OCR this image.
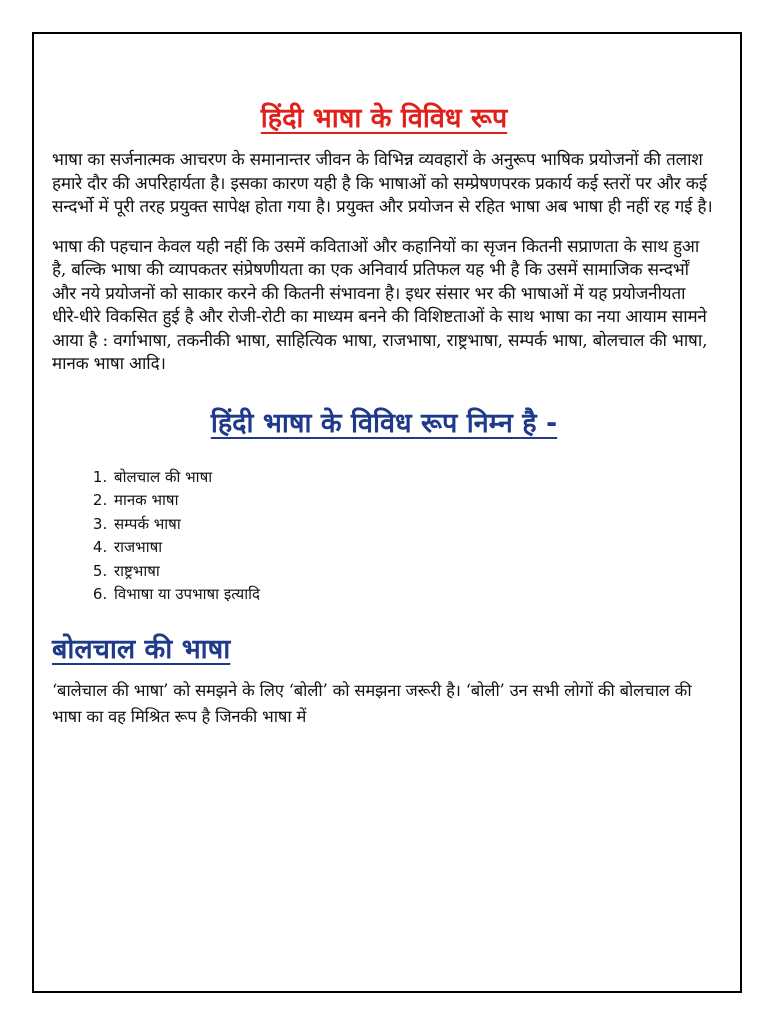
हिंदी भाषा के विविध रूप

भाषा का सर्जनात्मक आचरण के समानान्तर जीवन के विभिन्न व्यवहारों के अनुरूप भाषिक प्रयोजनों की तलाश हमारे दौर की अपरिहार्यता है। इसका कारण यही है कि भाषाओं को सम्प्रेषणपरक प्रकार्य कई स्तरों पर और कई सन्दर्भो में पूरी तरह प्रयुक्त सापेक्ष होता गया है। प्रयुक्त और प्रयोजन से रहित भाषा अब भाषा ही नहीं रह गई है।

भाषा की पहचान केवल यही नहीं कि उसमें कविताओं और कहानियों का सृजन कितनी सप्राणता के साथ हुआ है, बल्कि भाषा की व्यापकतर संप्रेषणीयता का एक अनिवार्य प्रतिफल यह भी है कि उसमें सामाजिक सन्दर्भों और नये प्रयोजनों को साकार करने की कितनी संभावना है। इधर संसार भर की भाषाओं में यह प्रयोजनीयता धीरे-धीरे विकसित हुई है और रोजी-रोटी का माध्यम बनने की विशिष्टताओं के साथ भाषा का नया आयाम सामने आया है : वर्गाभाषा, तकनीकी भाषा, साहित्यिक भाषा, राजभाषा, राष्ट्रभाषा, सम्पर्क भाषा, बोलचाल की भाषा, मानक भाषा आदि।

हिंदी भाषा के विविध रूप निम्न है -
1. बोलचाल की भाषा
2. मानक भाषा
3. सम्पर्क भाषा
4. राजभाषा
5. राष्ट्रभाषा
6. विभाषा या उपभाषा इत्यादि
बोलचाल की भाषा

‘बालेचाल की भाषा’ को समझने के लिए ‘बोली’ को समझना जरूरी है। ‘बोली’ उन सभी लोगों की बोलचाल की भाषा का वह मिश्रित रूप है जिनकी भाषा में
